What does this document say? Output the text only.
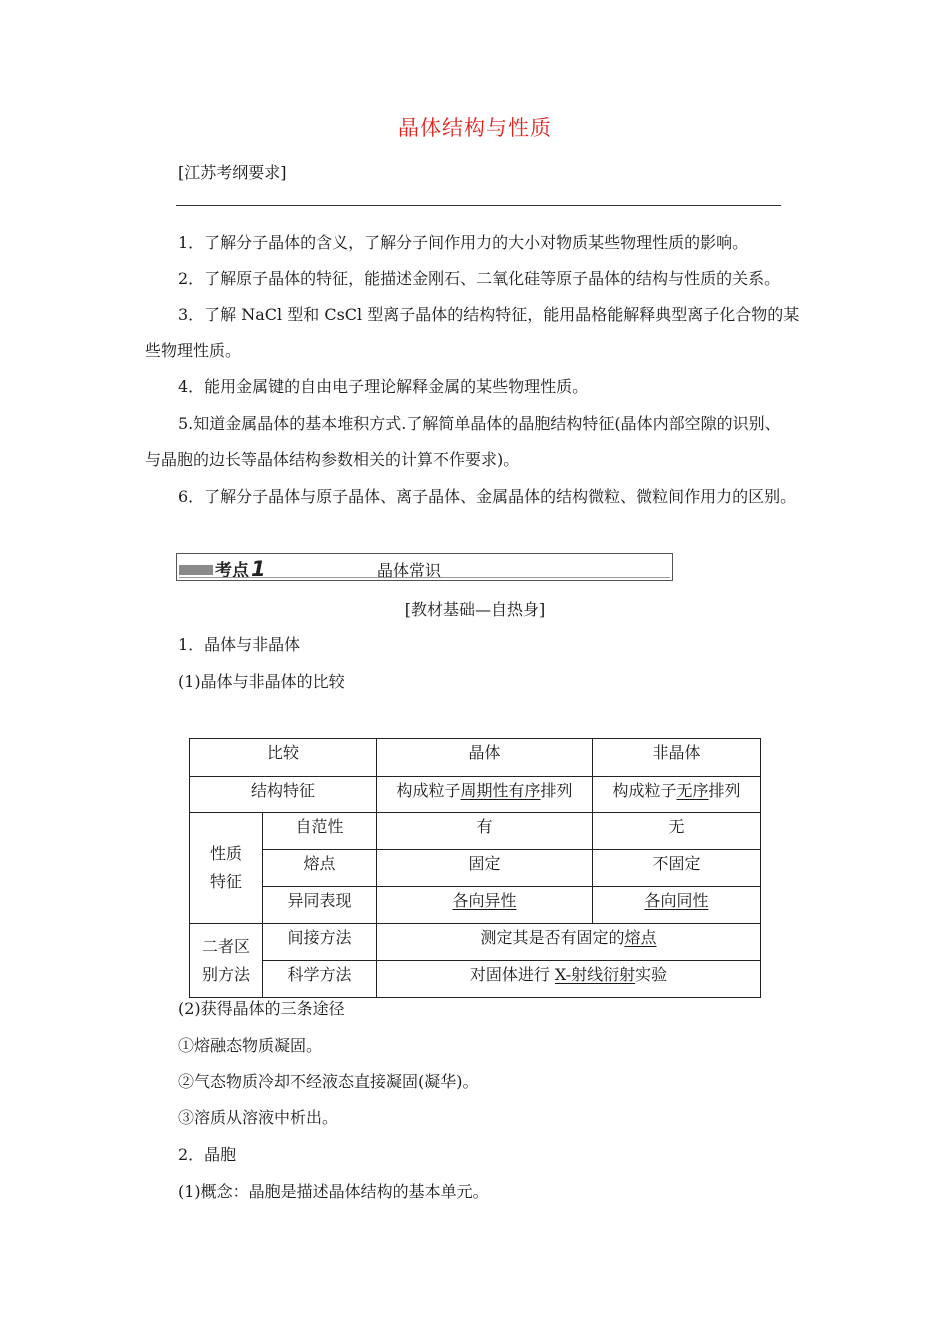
晶体结构与性质
[江苏考纲要求]
1．了解分子晶体的含义，了解分子间作用力的大小对物质某些物理性质的影响。
2．了解原子晶体的特征，能描述金刚石、二氧化硅等原子晶体的结构与性质的关系。
3．了解 NaCl 型和 CsCl 型离子晶体的结构特征，能用晶格能解释典型离子化合物的某
些物理性质。
4．能用金属键的自由电子理论解释金属的某些物理性质。
5.知道金属晶体的基本堆积方式.了解简单晶体的晶胞结构特征(晶体内部空隙的识别、
与晶胞的边长等晶体结构参数相关的计算不作要求)。
6．了解分子晶体与原子晶体、离子晶体、金属晶体的结构微粒、微粒间作用力的区别。
考点1	晶体常识
[教材基础—自热身]
1．晶体与非晶体
(1)晶体与非晶体的比较
比较		晶体	非晶体
结构特征		构成粒子周期性有序排列	构成粒子无序排列
性质
特征	自范性	有	无
	熔点	固定	不固定
	异同表现	各向异性	各向同性
二者区
别方法	间接方法	测定其是否有固定的熔点	
	科学方法	对固体进行 X-射线衍射实验	
(2)获得晶体的三条途径
①熔融态物质凝固。
②气态物质冷却不经液态直接凝固(凝华)。
③溶质从溶液中析出。
2．晶胞
(1)概念：晶胞是描述晶体结构的基本单元。
